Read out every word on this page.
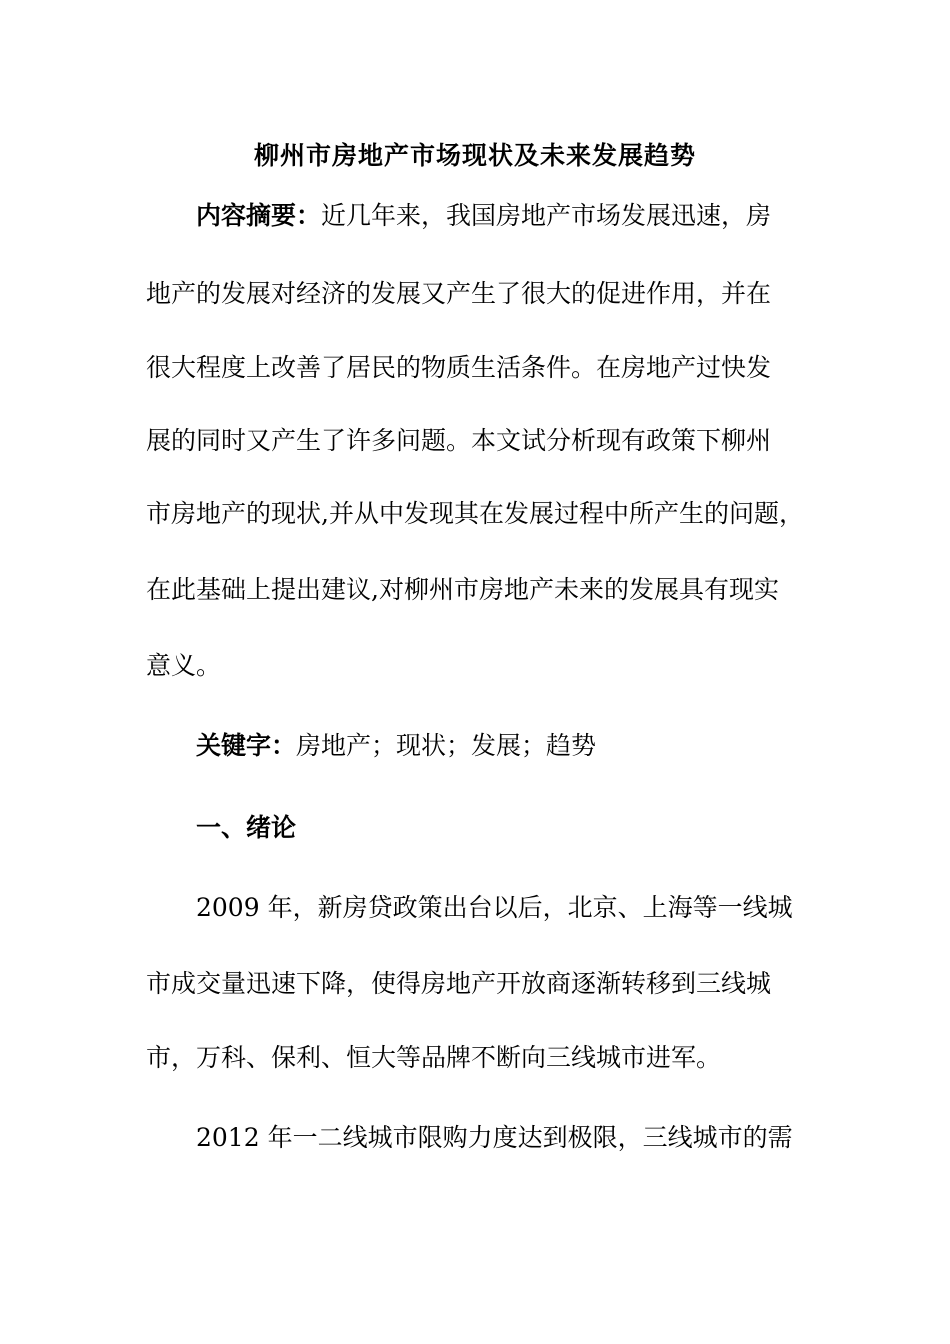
柳州市房地产市场现状及未来发展趋势
内容摘要：近几年来，我国房地产市场发展迅速，房
地产的发展对经济的发展又产生了很大的促进作用，并在
很大程度上改善了居民的物质生活条件。在房地产过快发
展的同时又产生了许多问题。本文试分析现有政策下柳州
市房地产的现状,并从中发现其在发展过程中所产生的问题，
在此基础上提出建议,对柳州市房地产未来的发展具有现实
意义。
关键字：房地产；现状；发展；趋势
一、绪论
2009 年，新房贷政策出台以后，北京、上海等一线城
市成交量迅速下降，使得房地产开放商逐渐转移到三线城
市，万科、保利、恒大等品牌不断向三线城市进军。
2012 年一二线城市限购力度达到极限，三线城市的需
